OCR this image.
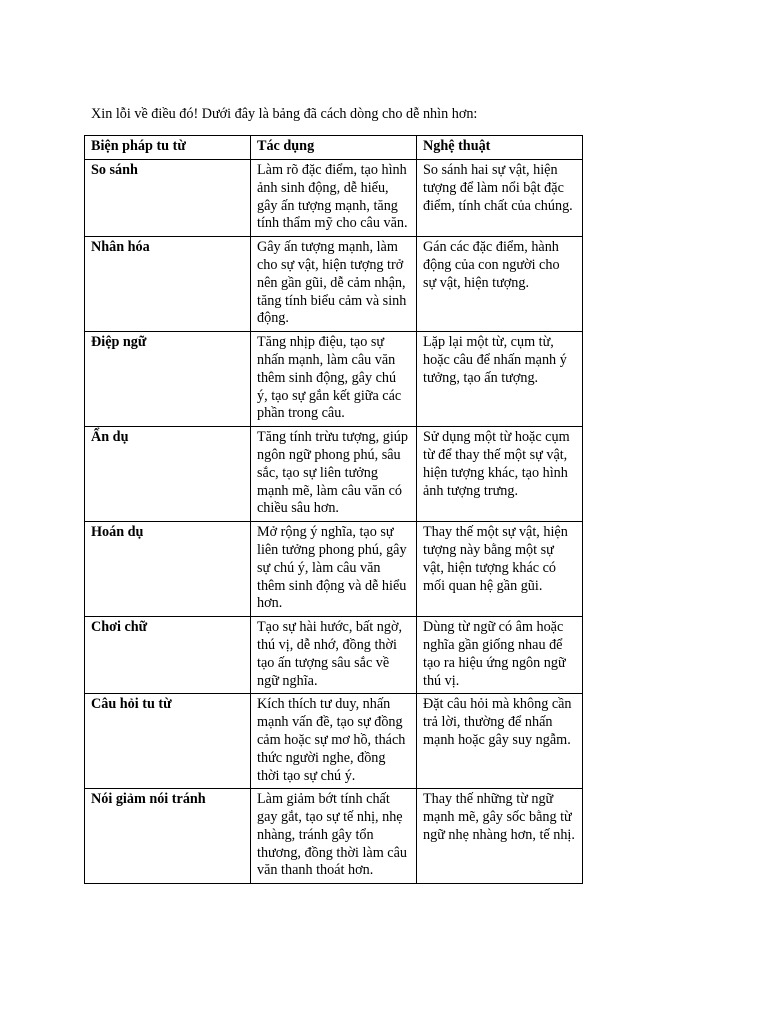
Xin lỗi về điều đó! Dưới đây là bảng đã cách dòng cho dễ nhìn hơn:

Biện pháp tu từ	Tác dụng	Nghệ thuật
So sánh	Làm rõ đặc điểm, tạo hình ảnh sinh động, dễ hiểu, gây ấn tượng mạnh, tăng tính thẩm mỹ cho câu văn.	So sánh hai sự vật, hiện tượng để làm nổi bật đặc điểm, tính chất của chúng.
Nhân hóa	Gây ấn tượng mạnh, làm cho sự vật, hiện tượng trở nên gần gũi, dễ cảm nhận, tăng tính biểu cảm và sinh động.	Gán các đặc điểm, hành động của con người cho sự vật, hiện tượng.
Điệp ngữ	Tăng nhịp điệu, tạo sự nhấn mạnh, làm câu văn thêm sinh động, gây chú ý, tạo sự gắn kết giữa các phần trong câu.	Lặp lại một từ, cụm từ, hoặc câu để nhấn mạnh ý tưởng, tạo ấn tượng.
Ẩn dụ	Tăng tính trừu tượng, giúp ngôn ngữ phong phú, sâu sắc, tạo sự liên tưởng mạnh mẽ, làm câu văn có chiều sâu hơn.	Sử dụng một từ hoặc cụm từ để thay thế một sự vật, hiện tượng khác, tạo hình ảnh tượng trưng.
Hoán dụ	Mở rộng ý nghĩa, tạo sự liên tưởng phong phú, gây sự chú ý, làm câu văn thêm sinh động và dễ hiểu hơn.	Thay thế một sự vật, hiện tượng này bằng một sự vật, hiện tượng khác có mối quan hệ gần gũi.
Chơi chữ	Tạo sự hài hước, bất ngờ, thú vị, dễ nhớ, đồng thời tạo ấn tượng sâu sắc về ngữ nghĩa.	Dùng từ ngữ có âm hoặc nghĩa gần giống nhau để tạo ra hiệu ứng ngôn ngữ thú vị.
Câu hỏi tu từ	Kích thích tư duy, nhấn mạnh vấn đề, tạo sự đồng cảm hoặc sự mơ hồ, thách thức người nghe, đồng thời tạo sự chú ý.	Đặt câu hỏi mà không cần trả lời, thường để nhấn mạnh hoặc gây suy ngẫm.
Nói giảm nói tránh	Làm giảm bớt tính chất gay gắt, tạo sự tế nhị, nhẹ nhàng, tránh gây tổn thương, đồng thời làm câu văn thanh thoát hơn.	Thay thế những từ ngữ mạnh mẽ, gây sốc bằng từ ngữ nhẹ nhàng hơn, tế nhị.
